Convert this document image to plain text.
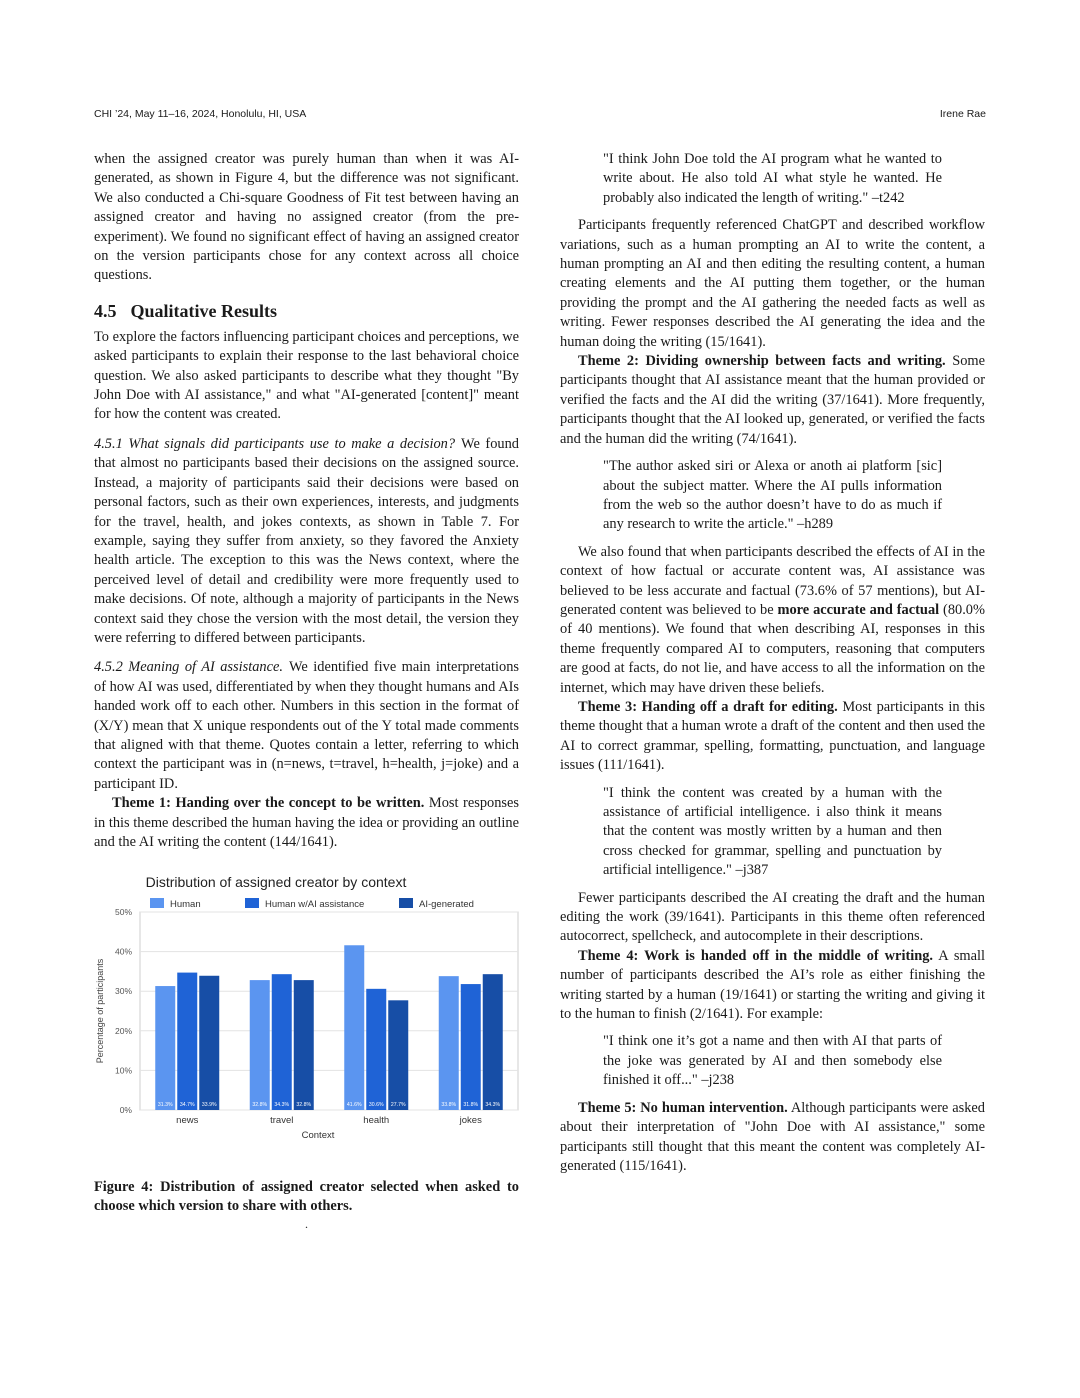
CHI ’24, May 11–16, 2024, Honolulu, HI, USA	Irene Rae

when the assigned creator was purely human than when it was AI-generated, as shown in Figure 4, but the difference was not significant. We also conducted a Chi-square Goodness of Fit test between having an assigned creator and having no assigned creator (from the pre-experiment). We found no significant effect of having an assigned creator on the version participants chose for any context across all choice questions.

4.5 Qualitative Results

To explore the factors influencing participant choices and perceptions, we asked participants to explain their response to the last behavioral choice question. We also asked participants to describe what they thought "By John Doe with AI assistance," and what "AI-generated [content]" meant for how the content was created.

4.5.1 What signals did participants use to make a decision? We found that almost no participants based their decisions on the assigned source. Instead, a majority of participants said their decisions were based on personal factors, such as their own experiences, interests, and judgments for the travel, health, and jokes contexts, as shown in Table 7. For example, saying they suffer from anxiety, so they favored the Anxiety health article. The exception to this was the News context, where the perceived level of detail and credibility were more frequently used to make decisions. Of note, although a majority of participants in the News context said they chose the version with the most detail, the version they were referring to differed between participants.

4.5.2 Meaning of AI assistance. We identified five main interpretations of how AI was used, differentiated by when they thought humans and AIs handed work off to each other. Numbers in this section in the format of (X/Y) mean that X unique respondents out of the Y total made comments that aligned with that theme. Quotes contain a letter, referring to which context the participant was in (n=news, t=travel, h=health, j=joke) and a participant ID.

Theme 1: Handing over the concept to be written. Most responses in this theme described the human having the idea or providing an outline and the AI writing the content (144/1641).

Distribution of assigned creator by context
Human	Human w/AI assistance	AI-generated
0%
10%
20%
30%
40%
50%
Percentage of participants
31.3% 34.7% 33.9%
news
32.8% 34.3% 32.8%
travel
41.6% 30.6% 27.7%
health
33.8% 31.8% 34.3%
jokes
Context

Figure 4: Distribution of assigned creator selected when asked to choose which version to share with others.

.

"I think John Doe told the AI program what he wanted to write about. He also told AI what style he wanted. He probably also indicated the length of writing." –t242

Participants frequently referenced ChatGPT and described workflow variations, such as a human prompting an AI to write the content, a human prompting an AI and then editing the resulting content, a human creating elements and the AI putting them together, or the human providing the prompt and the AI gathering the needed facts as well as writing. Fewer responses described the AI generating the idea and the human doing the writing (15/1641).

Theme 2: Dividing ownership between facts and writing. Some participants thought that AI assistance meant that the human provided or verified the facts and the AI did the writing (37/1641). More frequently, participants thought that the AI looked up, generated, or verified the facts and the human did the writing (74/1641).

"The author asked siri or Alexa or anoth ai platform [sic] about the subject matter. Where the AI pulls information from the web so the author doesn’t have to do as much if any research to write the article." –h289

We also found that when participants described the effects of AI in the context of how factual or accurate content was, AI assistance was believed to be less accurate and factual (73.6% of 57 mentions), but AI-generated content was believed to be more accurate and factual (80.0% of 40 mentions). We found that when describing AI, responses in this theme frequently compared AI to computers, reasoning that computers are good at facts, do not lie, and have access to all the information on the internet, which may have driven these beliefs.

Theme 3: Handing off a draft for editing. Most participants in this theme thought that a human wrote a draft of the content and then used the AI to correct grammar, spelling, formatting, punctuation, and language issues (111/1641).

"I think the content was created by a human with the assistance of artificial intelligence. i also think it means that the content was mostly written by a human and then cross checked for grammar, spelling and punctuation by artificial intelligence." –j387

Fewer participants described the AI creating the draft and the human editing the work (39/1641). Participants in this theme often referenced autocorrect, spellcheck, and autocomplete in their descriptions.

Theme 4: Work is handed off in the middle of writing. A small number of participants described the AI’s role as either finishing the writing started by a human (19/1641) or starting the writing and giving it to the human to finish (2/1641). For example:

"I think one it’s got a name and then with AI that parts of the joke was generated by AI and then somebody else finished it off..." –j238

Theme 5: No human intervention. Although participants were asked about their interpretation of "John Doe with AI assistance," some participants still thought that this meant the content was completely AI-generated (115/1641).
